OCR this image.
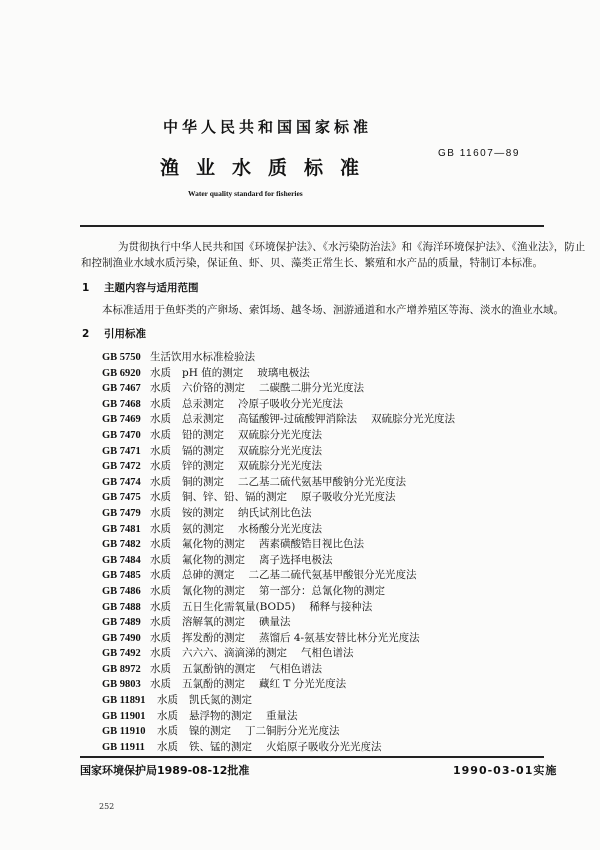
中华人民共和国国家标准
渔业水质标准
GB 11607—89
Water quality standard for fisheries
为贯彻执行中华人民共和国《环境保护法》、《水污染防治法》和《海洋环境保护法》、《渔业法》，防止
和控制渔业水域水质污染，保证鱼、虾、贝、藻类正常生长、繁殖和水产品的质量，特制订本标准。
1 主题内容与适用范围
本标准适用于鱼虾类的产卵场、索饵场、越冬场、洄游通道和水产增养殖区等海、淡水的渔业水域。
2 引用标准
GB 5750 生活饮用水标准检验法
GB 6920 水质	pH 值的测定 玻璃电极法
GB 7467 水质	六价铬的测定 二碳酰二肼分光光度法
GB 7468 水质	总汞测定 冷原子吸收分光光度法
GB 7469 水质	总汞测定 高锰酸钾-过硫酸钾消除法 双硫腙分光光度法
GB 7470 水质	铅的测定 双硫腙分光光度法
GB 7471 水质	镉的测定 双硫腙分光光度法
GB 7472 水质	锌的测定 双硫腙分光光度法
GB 7474 水质	铜的测定 二乙基二硫代氨基甲酸钠分光光度法
GB 7475 水质	铜、锌、铅、镉的测定 原子吸收分光光度法
GB 7479 水质	铵的测定 纳氏试剂比色法
GB 7481 水质	氨的测定 水杨酸分光光度法
GB 7482 水质	氟化物的测定 茜素磺酸锆目视比色法
GB 7484 水质	氟化物的测定 离子选择电极法
GB 7485 水质	总砷的测定 二乙基二硫代氨基甲酸银分光光度法
GB 7486 水质	氰化物的测定 第一部分：总氰化物的测定
GB 7488 水质	五日生化需氧量(BOD5) 稀释与接种法
GB 7489 水质	溶解氧的测定 碘量法
GB 7490 水质	挥发酚的测定 蒸馏后 4-氨基安替比林分光光度法
GB 7492 水质	六六六、滴滴涕的测定 气相色谱法
GB 8972 水质	五氯酚钠的测定 气相色谱法
GB 9803 水质	五氯酚的测定 藏红 T 分光光度法
GB 11891	水质	凯氏氮的测定
GB 11901	水质	悬浮物的测定 重量法
GB 11910	水质	镍的测定 丁二铜肟分光光度法
GB 11911	水质	铁、锰的测定 火焰原子吸收分光光度法
国家环境保护局1989-08-12批准	1990-03-01实施
252
